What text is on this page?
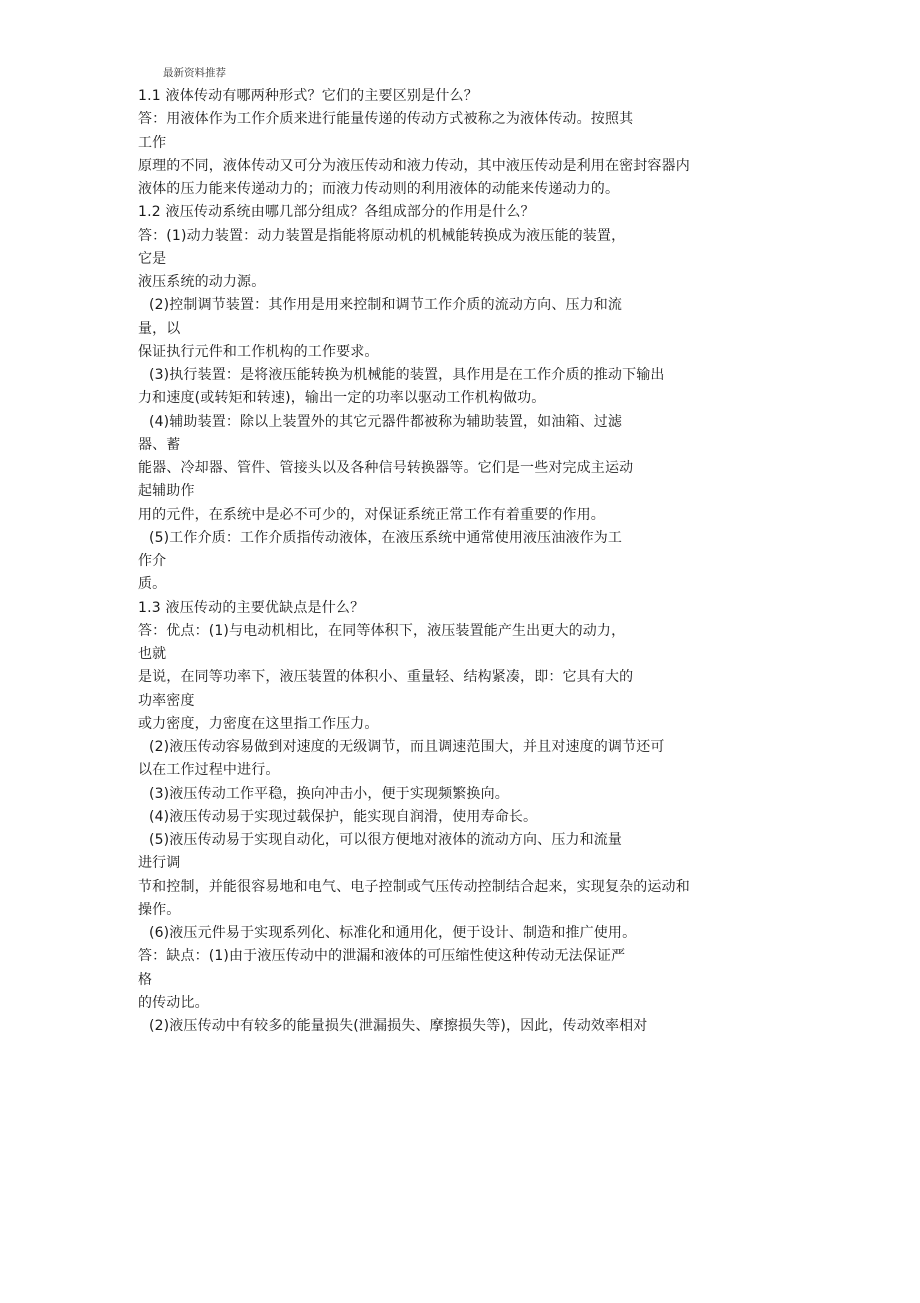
最新资料推荐
1.1 液体传动有哪两种形式？它们的主要区别是什么？
答：用液体作为工作介质来进行能量传递的传动方式被称之为液体传动。按照其
工作
原理的不同，液体传动又可分为液压传动和液力传动，其中液压传动是利用在密封容器内
液体的压力能来传递动力的；而液力传动则的利用液体的动能来传递动力的。
1.2 液压传动系统由哪几部分组成？各组成部分的作用是什么？
答：(1)动力装置：动力装置是指能将原动机的机械能转换成为液压能的装置，
它是
液压系统的动力源。
(2)控制调节装置：其作用是用来控制和调节工作介质的流动方向、压力和流
量，以
保证执行元件和工作机构的工作要求。
(3)执行装置：是将液压能转换为机械能的装置，具作用是在工作介质的推动下输出
力和速度(或转矩和转速)，输出一定的功率以驱动工作机构做功。
(4)辅助装置：除以上装置外的其它元器件都被称为辅助装置，如油箱、过滤
器、蓄
能器、冷却器、管件、管接头以及各种信号转换器等。它们是一些对完成主运动
起辅助作
用的元件，在系统中是必不可少的，对保证系统正常工作有着重要的作用。
(5)工作介质：工作介质指传动液体，在液压系统中通常使用液压油液作为工
作介
质。
1.3 液压传动的主要优缺点是什么？
答：优点：(1)与电动机相比，在同等体积下，液压装置能产生出更大的动力，
也就
是说，在同等功率下，液压装置的体积小、重量轻、结构紧凑，即：它具有大的
功率密度
或力密度，力密度在这里指工作压力。
(2)液压传动容易做到对速度的无级调节，而且调速范围大，并且对速度的调节还可
以在工作过程中进行。
(3)液压传动工作平稳，换向冲击小，便于实现频繁换向。
(4)液压传动易于实现过载保护，能实现自润滑，使用寿命长。
(5)液压传动易于实现自动化，可以很方便地对液体的流动方向、压力和流量
进行调
节和控制，并能很容易地和电气、电子控制或气压传动控制结合起来，实现复杂的运动和
操作。
(6)液压元件易于实现系列化、标准化和通用化，便于设计、制造和推广使用。
答：缺点：(1)由于液压传动中的泄漏和液体的可压缩性使这种传动无法保证严
格
的传动比。
(2)液压传动中有较多的能量损失(泄漏损失、摩擦损失等)，因此，传动效率相对
